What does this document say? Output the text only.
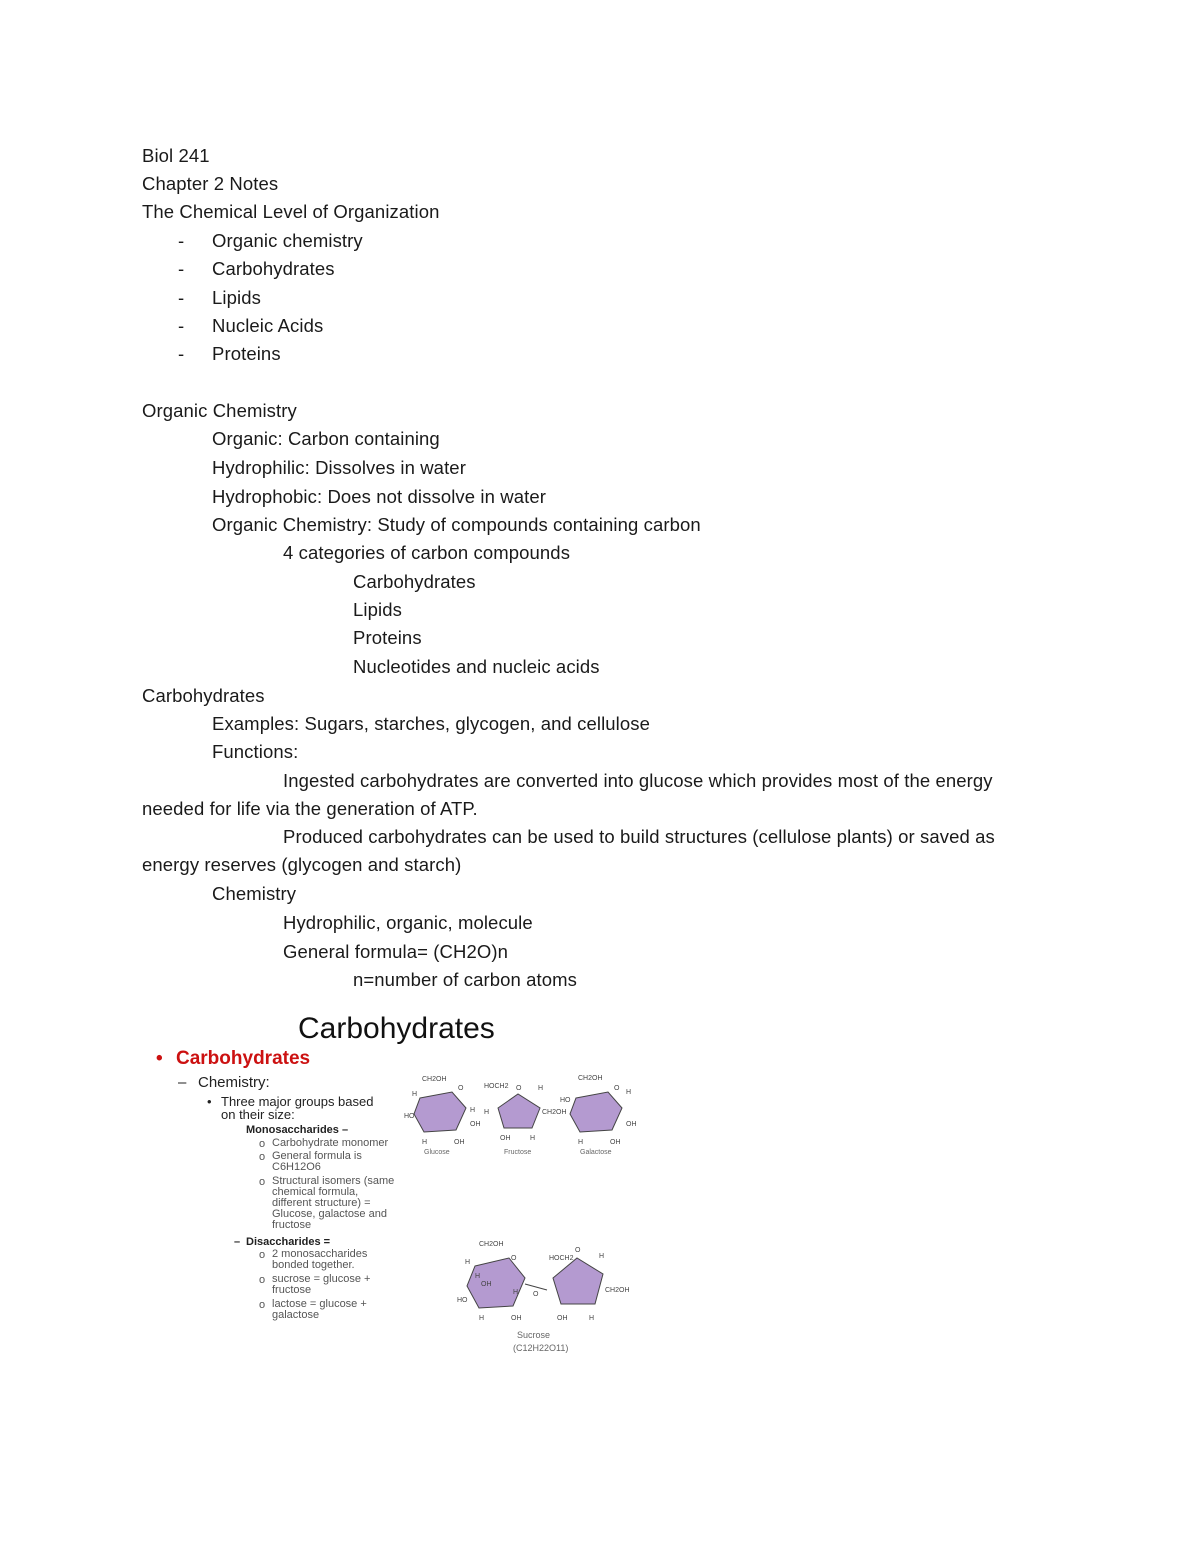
Biol 241
Chapter 2 Notes
The Chemical Level of Organization
- Organic chemistry
- Carbohydrates
- Lipids
- Nucleic Acids
- Proteins
Organic Chemistry
Organic: Carbon containing
Hydrophilic: Dissolves in water
Hydrophobic: Does not dissolve in water
Organic Chemistry: Study of compounds containing carbon
4 categories of carbon compounds
Carbohydrates
Lipids
Proteins
Nucleotides and nucleic acids
Carbohydrates
Examples: Sugars, starches, glycogen, and cellulose
Functions:
Ingested carbohydrates are converted into glucose which provides most of the energy
needed for life via the generation of ATP.
Produced carbohydrates can be used to build structures (cellulose plants) or saved as
energy reserves (glycogen and starch)
Chemistry
Hydrophilic, organic, molecule
General formula= (CH2O)n
n=number of carbon atoms
Carbohydrates
• Carbohydrates
– Chemistry:
• Three major groups based
on their size:
Monosaccharides –
o Carbohydrate monomer
o General formula is
C6H12O6
o Structural isomers (same
chemical formula,
different structure) =
Glucose, galactose and
fructose
– Disaccharides =
o 2 monosaccharides
bonded together.
o sucrose = glucose +
fructose
o lactose = glucose +
galactose
CH2OH
O
H
H
HO
OH
H	OH
Glucose
HOCH2 O H
H	CH2OH
OH	H
Fructose
CH2OH
O
H
HO
OH
H	OH
Galactose
O
CH2OH
O	HOCH2
O
H
H
H
OH
CH2OH
H
HO
H	OH	OH	H
Sucrose
(C12H22O11)
